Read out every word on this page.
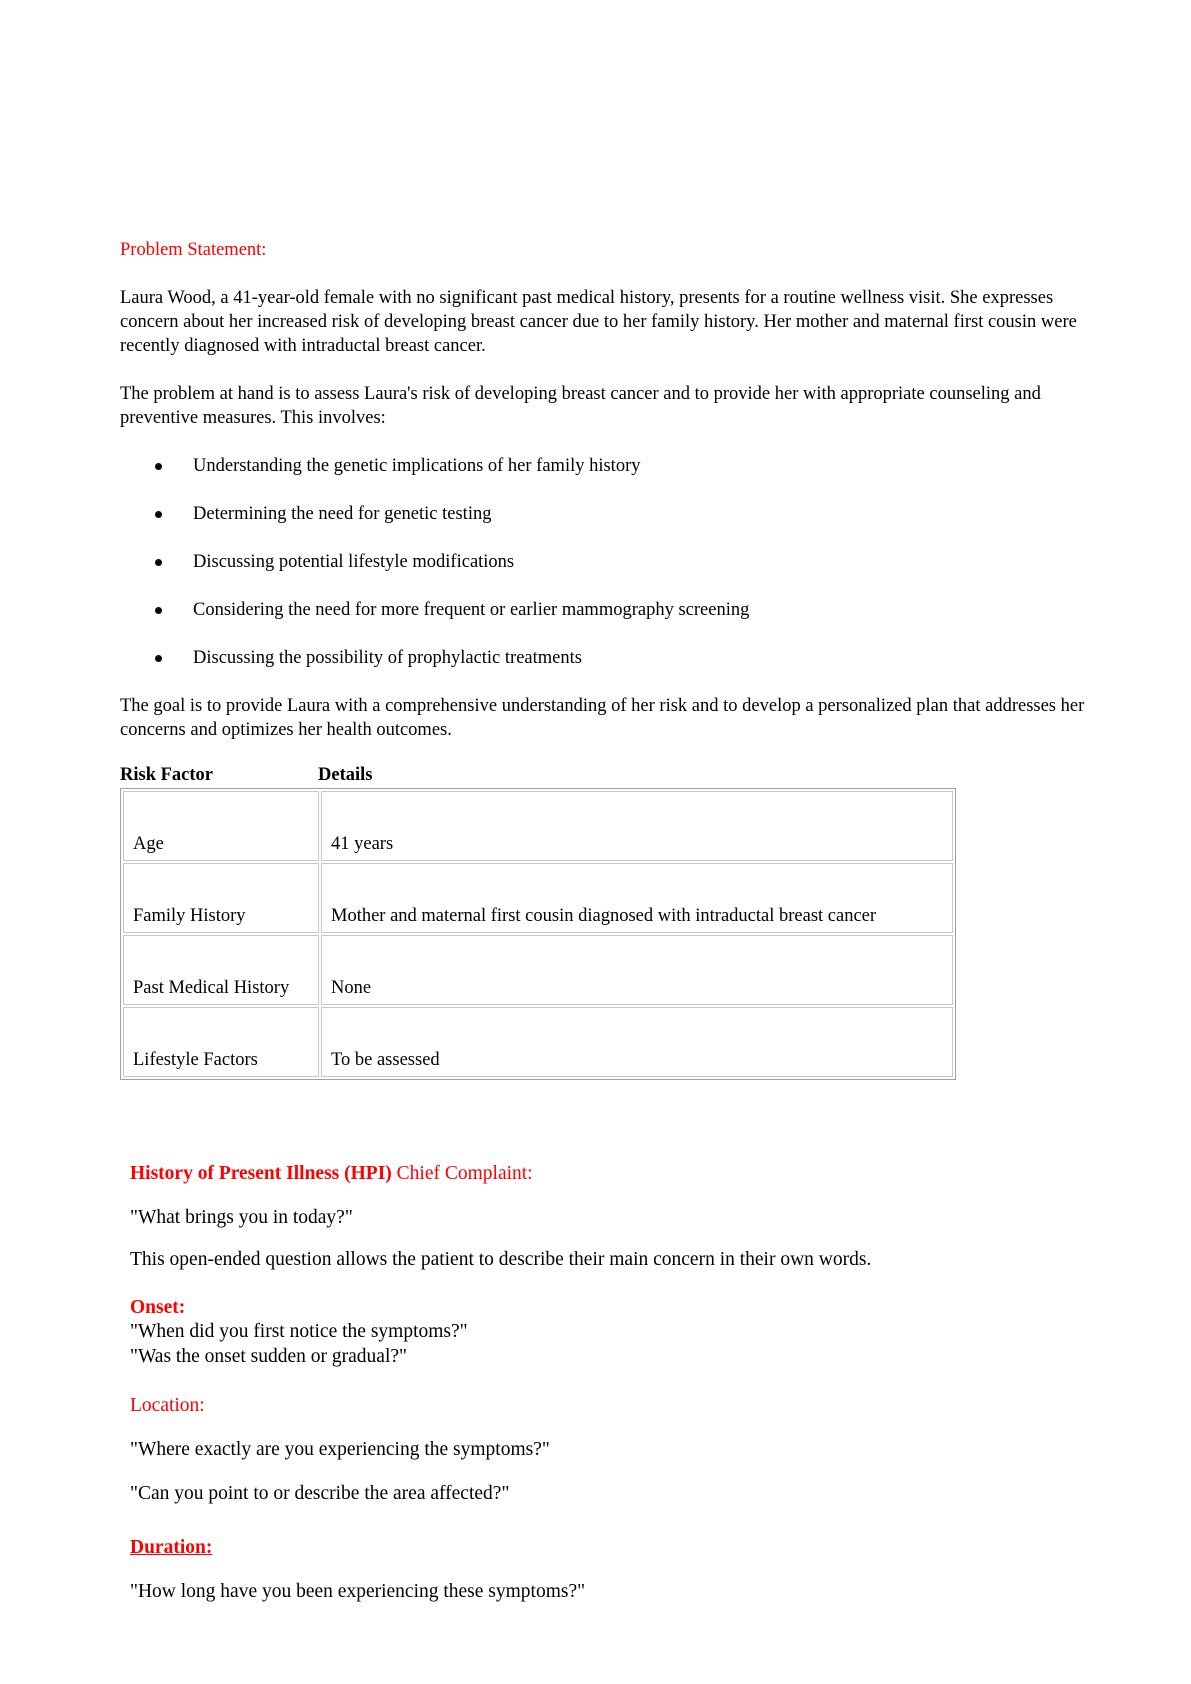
Problem Statement:
Laura Wood, a 41-year-old female with no significant past medical history, presents for a routine wellness visit. She expresses concern about her increased risk of developing breast cancer due to her family history. Her mother and maternal first cousin were recently diagnosed with intraductal breast cancer.
The problem at hand is to assess Laura's risk of developing breast cancer and to provide her with appropriate counseling and preventive measures. This involves:
Understanding the genetic implications of her family history
Determining the need for genetic testing
Discussing potential lifestyle modifications
Considering the need for more frequent or earlier mammography screening
Discussing the possibility of prophylactic treatments
The goal is to provide Laura with a comprehensive understanding of her risk and to develop a personalized plan that addresses her concerns and optimizes her health outcomes.
Risk Factor	Details
Age	41 years
Family History	Mother and maternal first cousin diagnosed with intraductal breast cancer
Past Medical History	None
Lifestyle Factors	To be assessed
History of Present Illness (HPI) Chief Complaint:
"What brings you in today?"
This open-ended question allows the patient to describe their main concern in their own words.
Onset:
"When did you first notice the symptoms?"
"Was the onset sudden or gradual?"
Location:
"Where exactly are you experiencing the symptoms?"
"Can you point to or describe the area affected?"
Duration:
"How long have you been experiencing these symptoms?"
